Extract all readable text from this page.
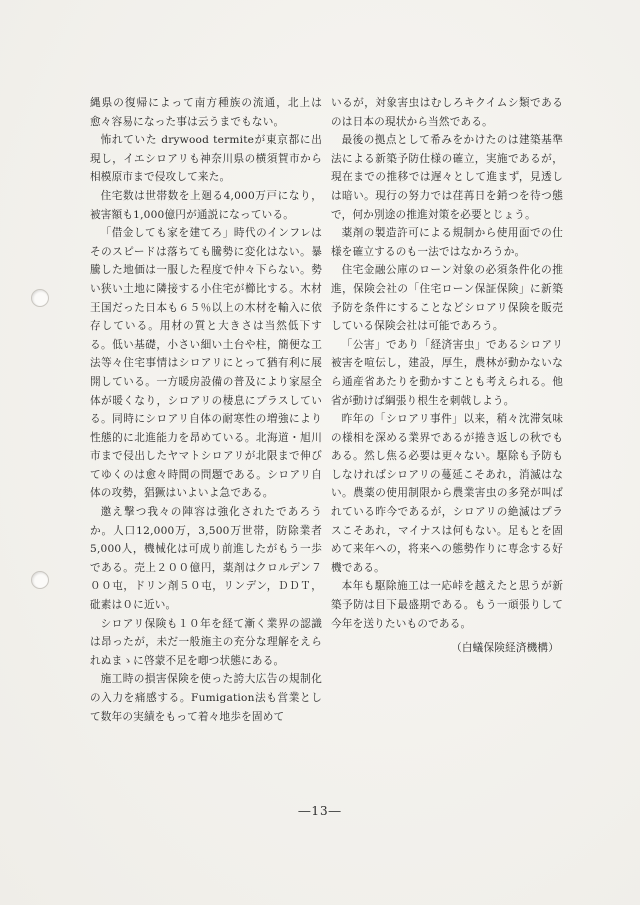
縄県の復帰によって南方種族の流通，北上は愈々容易になった事は云うまでもない。

怖れていた drywood termiteが東京都に出現し，イエシロアリも神奈川県の横須賀市から相模原市まで侵攻して来た。

住宅数は世帯数を上廻る4,000万戸になり，被害額も1,000億円が通説になっている。

「借金しても家を建てろ」時代のインフレはそのスピードは落ちても騰勢に変化はない。暴騰した地価は一服した程度で仲々下らない。勢い狭い土地に隣接する小住宅が櫛比する。木材王国だった日本も６５％以上の木材を輸入に依存している。用材の質と大きさは当然低下する。低い基礎，小さい細い土台や柱，簡便な工法等々住宅事情はシロアリにとって猶有利に展開している。一方暖房設備の普及により家屋全体が暖くなり，シロアリの棲息にプラスしている。同時にシロアリ自体の耐寒性の増強により性態的に北進能力を昂めている。北海道・旭川市まで侵出したヤマトシロアリが北限まで伸びてゆくのは愈々時間の問題である。シロアリ自体の攻勢，猖獗はいよいよ急である。

邀え撃つ我々の陣容は強化されたであろうか。人口12,000万，3,500万世帯，防除業者5,000人，機械化は可成り前進したがもう一歩である。売上２００億円，薬剤はクロルデン７００屯，ドリン剤５０屯，リンデン，ＤＤＴ，砒素は０に近い。

シロアリ保険も１０年を経て漸く業界の認識は昂ったが，未だ一般施主の充分な理解をえられぬまゝに啓蒙不足を喞つ状態にある。

施工時の損害保険を使った誇大広告の規制化の入力を痛感する。Fumigation法も営業として数年の実績をもって着々地歩を固めて

いるが，対象害虫はむしろキクイムシ類であるのは日本の現状から当然である。

最後の拠点として希みをかけたのは建築基準法による新築予防仕様の確立，実施であるが，現在までの推移では遅々として進まず，見透しは暗い。現行の努力では荏苒日を銷つを待つ態で，何か別途の推進対策を必要とじょう。

薬剤の製造許可による規制から使用面での仕様を確立するのも一法ではなかろうか。

住宅金融公庫のローン対象の必須条件化の推進，保険会社の「住宅ローン保証保険」に新築予防を条件にすることなどシロアリ保険を販売している保険会社は可能であろう。

「公害」であり「経済害虫」であるシロアリ被害を喧伝し，建設，厚生，農林が動かないなら通産省あたりを動かすことも考えられる。他省が動けば綱張り根生を刺戟しよう。

昨年の「シロアリ事件」以来，稍々沈滞気味の様相を深める業界であるが捲き返しの秋でもある。然し焦る必要は更々ない。駆除も予防もしなければシロアリの蔓延こそあれ，消滅はない。農薬の使用制限から農業害虫の多発が叫ばれている昨今であるが，シロアリの絶滅はプラスこそあれ，マイナスは何もない。足もとを固めて来年への，将来への態勢作りに専念する好機である。

本年も駆除施工は一応峠を越えたと思うが新築予防は目下最盛期である。もう一頑張りして今年を送りたいものである。

（白蟻保険経済機構）

―13―
